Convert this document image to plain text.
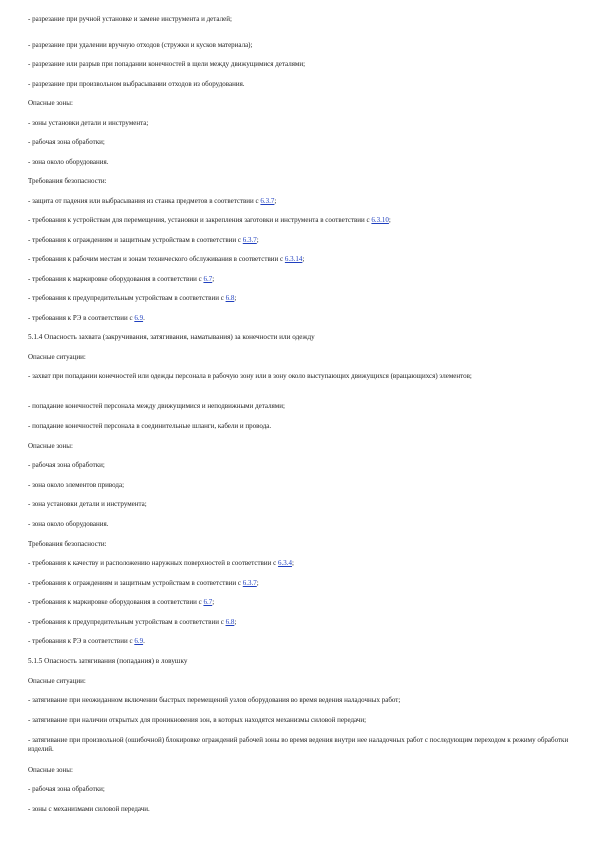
- разрезание при ручной установке и замене инструмента и деталей;
- разрезание при удалении вручную отходов (стружки и кусков материала);
- разрезание или разрыв при попадании конечностей в щели между движущимися деталями;
- разрезание при произвольном выбрасывании отходов из оборудования.
Опасные зоны:
- зоны установки детали и инструмента;
- рабочая зона обработки;
- зона около оборудования.
Требования безопасности:
- защита от падения или выбрасывания из станка предметов в соответствии с 6.3.7;
- требования к устройствам для перемещения, установки и закрепления заготовки и инструмента в соответствии с 6.3.10;
- требования к ограждениям и защитным устройствам в соответствии с 6.3.7;
- требования к рабочим местам и зонам технического обслуживания в соответствии с 6.3.14;
- требования к маркировке оборудования в соответствии с 6.7;
- требования к предупредительным устройствам в соответствии с 6.8;
- требования к РЭ в соответствии с 6.9.
5.1.4 Опасность захвата (закручивания, затягивания, наматывания) за конечности или одежду
Опасные ситуации:
- захват при попадании конечностей или одежды персонала в рабочую зону или в зону около выступающих движущихся (вращающихся) элементов;
- попадание конечностей персонала между движущимися и неподвижными деталями;
- попадание конечностей персонала в соединительные шланги, кабели и провода.
Опасные зоны:
- рабочая зона обработки;
- зона около элементов привода;
- зона установки детали и инструмента;
- зона около оборудования.
Требования безопасности:
- требования к качеству и расположению наружных поверхностей в соответствии с 6.3.4;
- требования к ограждениям и защитным устройствам в соответствии с 6.3.7;
- требования к маркировке оборудования в соответствии с 6.7;
- требования к предупредительным устройствам в соответствии с 6.8;
- требования к РЭ в соответствии с 6.9.
5.1.5 Опасность затягивания (попадания) в ловушку
Опасные ситуации:
- затягивание при неожиданном включении быстрых перемещений узлов оборудования во время ведения наладочных работ;
- затягивание при наличии открытых для проникновения зон, в которых находятся механизмы силовой передачи;
- затягивание при произвольной (ошибочной) блокировке ограждений рабочей зоны во время ведения внутри нее наладочных работ с последующим переходом к режиму обработки изделий.
Опасные зоны:
- рабочая зона обработки;
- зоны с механизмами силовой передачи.
